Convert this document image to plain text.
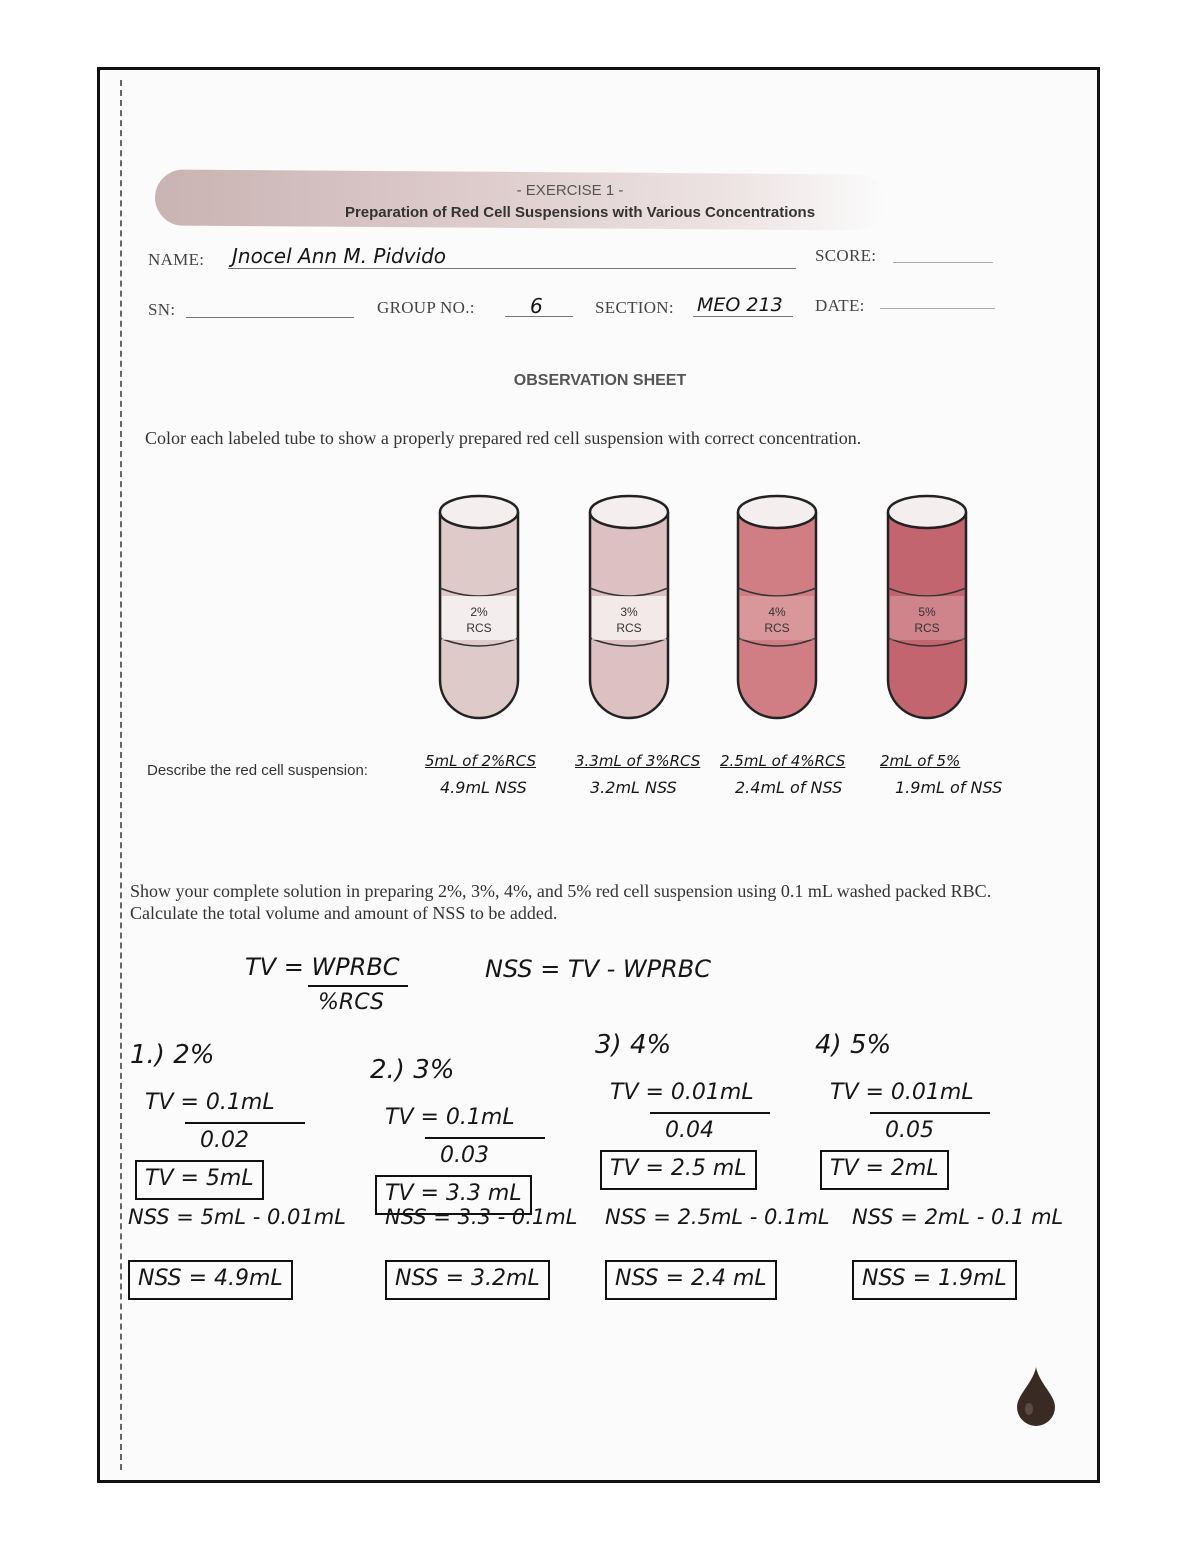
- EXERCISE 1 -
Preparation of Red Cell Suspensions with Various Concentrations
NAME: Jnocel Ann M. Pidvido	SCORE:
SN:	GROUP NO.:	6	SECTION: MEO 213 DATE:
OBSERVATION SHEET
Color each labeled tube to show a properly prepared red cell suspension with correct concentration.
2%
RCS
3%
RCS
4%
RCS
5%
RCS
Describe the red cell suspension:
5mL of 2%RCS
4.9mL NSS
3.3mL of 3%RCS
3.2mL NSS
2.5mL of 4%RCS
2.4mL of NSS
2mL of 5%
1.9mL of NSS
Show your complete solution in preparing 2%, 3%, 4%, and 5% red cell suspension using 0.1 mL washed packed RBC. Calculate the total volume and amount of NSS to be added.
TV = WPRBC
%RCS
NSS = TV - WPRBC
1.) 2%
TV = 0.1mL
0.02
TV = 5mL
NSS = 5mL - 0.01mL
NSS = 4.9mL
2.) 3%
TV = 0.1mL
0.03
TV = 3.3 mL
NSS = 3.3 - 0.1mL
NSS = 3.2mL
3) 4%
TV = 0.01mL
0.04
TV = 2.5 mL
NSS = 2.5mL - 0.1mL
NSS = 2.4 mL
4) 5%
TV = 0.01mL
0.05
TV = 2mL
NSS = 2mL - 0.1 mL
NSS = 1.9mL
